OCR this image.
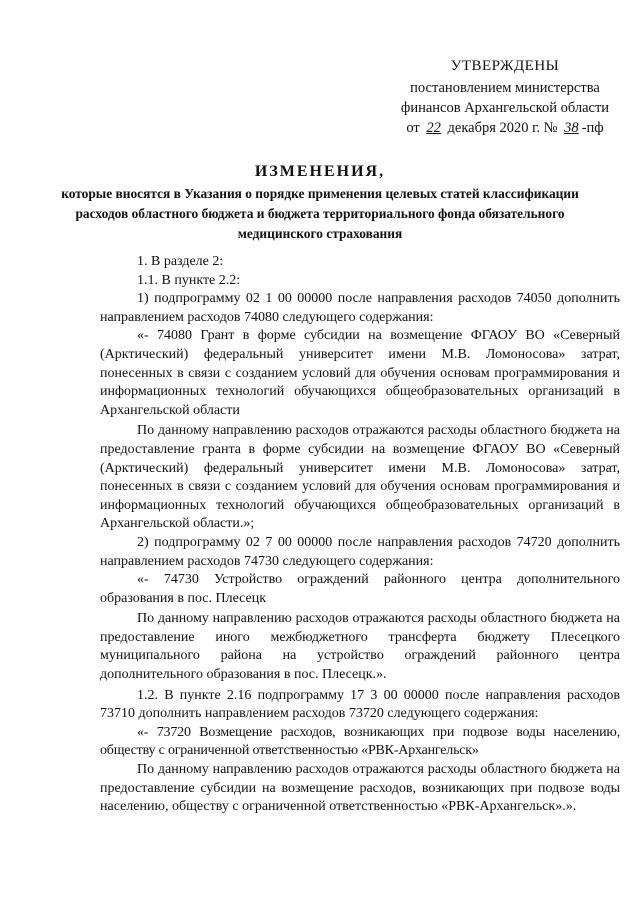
УТВЕРЖДЕНЫ
постановлением министерства
финансов Архангельской области
от 22 декабря 2020 г. № 38 -пф
ИЗМЕНЕНИЯ,
которые вносятся в Указания о порядке применения целевых статей классификации расходов областного бюджета и бюджета территориального фонда обязательного медицинского страхования

1. В разделе 2:

1.1. В пункте 2.2:

1) подпрограмму 02 1 00 00000 после направления расходов 74050 дополнить направлением расходов 74080 следующего содержания:

«- 74080 Грант в форме субсидии на возмещение ФГАОУ ВО «Северный (Арктический) федеральный университет имени М.В. Ломоносова» затрат, понесенных в связи с созданием условий для обучения основам программирования и информационных технологий обучающихся общеобразовательных организаций в Архангельской области

По данному направлению расходов отражаются расходы областного бюджета на предоставление гранта в форме субсидии на возмещение ФГАОУ ВО «Северный (Арктический) федеральный университет имени М.В. Ломоносова» затрат, понесенных в связи с созданием условий для обучения основам программирования и информационных технологий обучающихся общеобразовательных организаций в Архангельской области.»;

2) подпрограмму 02 7 00 00000 после направления расходов 74720 дополнить направлением расходов 74730 следующего содержания:

«- 74730 Устройство ограждений районного центра дополнительного образования в пос. Плесецк

По данному направлению расходов отражаются расходы областного бюджета на предоставление иного межбюджетного трансферта бюджету Плесецкого муниципального района на устройство ограждений районного центра дополнительного образования в пос. Плесецк.».

1.2. В пункте 2.16 подпрограмму 17 3 00 00000 после направления расходов 73710 дополнить направлением расходов 73720 следующего содержания:

«- 73720 Возмещение расходов, возникающих при подвозе воды населению, обществу с ограниченной ответственностью «РВК-Архангельск»

По данному направлению расходов отражаются расходы областного бюджета на предоставление субсидии на возмещение расходов, возникающих при подвозе воды населению, обществу с ограниченной ответственностью «РВК-Архангельск».».
